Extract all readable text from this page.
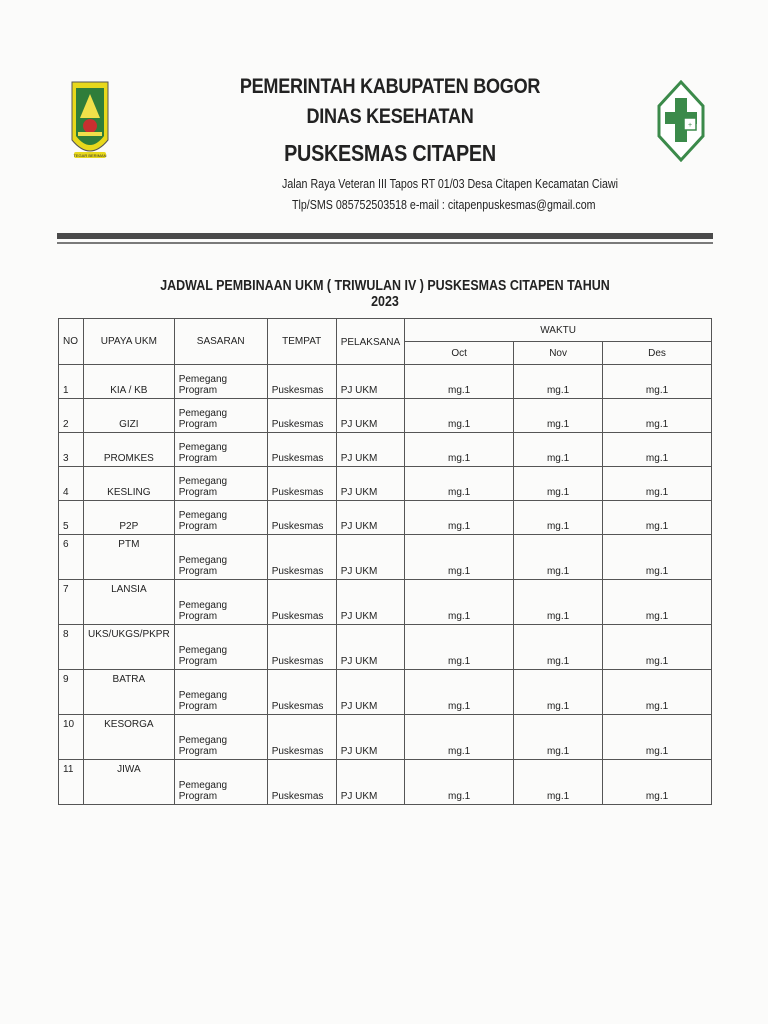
TEGAR BERIMAN
+
PEMERINTAH KABUPATEN BOGOR
DINAS KESEHATAN
PUSKESMAS CITAPEN
Jalan Raya Veteran III Tapos RT 01/03 Desa Citapen Kecamatan Ciawi
Tlp/SMS 085752503518 e-mail : citapenpuskesmas@gmail.com
JADWAL PEMBINAAN UKM ( TRIWULAN IV ) PUSKESMAS CITAPEN TAHUN 2023
NO	UPAYA UKM	SASARAN	TEMPAT	PELAKSANA	WAKTU		
					Oct	Nov	Des
1	KIA / KB	Pemegang Program	Puskesmas	PJ UKM	mg.1	mg.1	mg.1
2	GIZI	Pemegang Program	Puskesmas	PJ UKM	mg.1	mg.1	mg.1
3	PROMKES	Pemegang Program	Puskesmas	PJ UKM	mg.1	mg.1	mg.1
4	KESLING	Pemegang Program	Puskesmas	PJ UKM	mg.1	mg.1	mg.1
5	P2P	Pemegang Program	Puskesmas	PJ UKM	mg.1	mg.1	mg.1
6	PTM	Pemegang Program	Puskesmas	PJ UKM	mg.1	mg.1	mg.1
7	LANSIA	Pemegang Program	Puskesmas	PJ UKM	mg.1	mg.1	mg.1
8	UKS/UKGS/PKPR	Pemegang Program	Puskesmas	PJ UKM	mg.1	mg.1	mg.1
9	BATRA	Pemegang Program	Puskesmas	PJ UKM	mg.1	mg.1	mg.1
10	KESORGA	Pemegang Program	Puskesmas	PJ UKM	mg.1	mg.1	mg.1
11	JIWA	Pemegang Program	Puskesmas	PJ UKM	mg.1	mg.1	mg.1
